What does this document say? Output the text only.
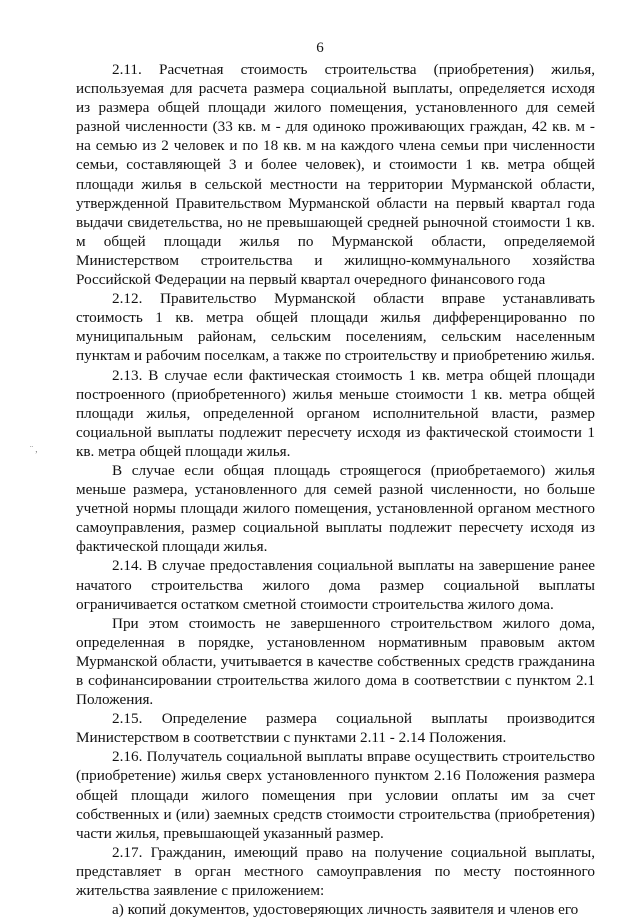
6
¨ ,

2.11. Расчетная стоимость строительства (приобретения) жилья, используемая для расчета размера социальной выплаты, определяется исходя из размера общей площади жилого помещения, установленного для семей разной численности (33 кв. м - для одиноко проживающих граждан, 42 кв. м - на семью из 2 человек и по 18 кв. м на каждого члена семьи при численности семьи, составляющей 3 и более человек), и стоимости 1 кв. метра общей площади жилья в сельской местности на территории Мурманской области, утвержденной Правительством Мурманской области на первый квартал года выдачи свидетельства, но не превышающей средней рыночной стоимости 1 кв. м общей площади жилья по Мурманской области, определяемой Министерством строительства и жилищно-коммунального хозяйства Российской Федерации на первый квартал очередного финансового года

2.12. Правительство Мурманской области вправе устанавливать стоимость 1 кв. метра общей площади жилья дифференцированно по муниципальным районам, сельским поселениям, сельским населенным пунктам и рабочим поселкам, а также по строительству и приобретению жилья.

2.13. В случае если фактическая стоимость 1 кв. метра общей площади построенного (приобретенного) жилья меньше стоимости 1 кв. метра общей площади жилья, определенной органом исполнительной власти, размер социальной выплаты подлежит пересчету исходя из фактической стоимости 1 кв. метра общей площади жилья.

В случае если общая площадь строящегося (приобретаемого) жилья меньше размера, установленного для семей разной численности, но больше учетной нормы площади жилого помещения, установленной органом местного самоуправления, размер социальной выплаты подлежит пересчету исходя из фактической площади жилья.

2.14. В случае предоставления социальной выплаты на завершение ранее начатого строительства жилого дома размер социальной выплаты ограничивается остатком сметной стоимости строительства жилого дома.

При этом стоимость не завершенного строительством жилого дома, определенная в порядке, установленном нормативным правовым актом Мурманской области, учитывается в качестве собственных средств гражданина в софинансировании строительства жилого дома в соответствии с пунктом 2.1 Положения.

2.15. Определение размера социальной выплаты производится Министерством в соответствии с пунктами 2.11 - 2.14 Положения.

2.16. Получатель социальной выплаты вправе осуществить строительство (приобретение) жилья сверх установленного пунктом 2.16 Положения размера общей площади жилого помещения при условии оплаты им за счет собственных и (или) заемных средств стоимости строительства (приобретения) части жилья, превышающей указанный размер.

2.17. Гражданин, имеющий право на получение социальной выплаты, представляет в орган местного самоуправления по месту постоянного жительства заявление с приложением:

а) копий документов, удостоверяющих личность заявителя и членов его
